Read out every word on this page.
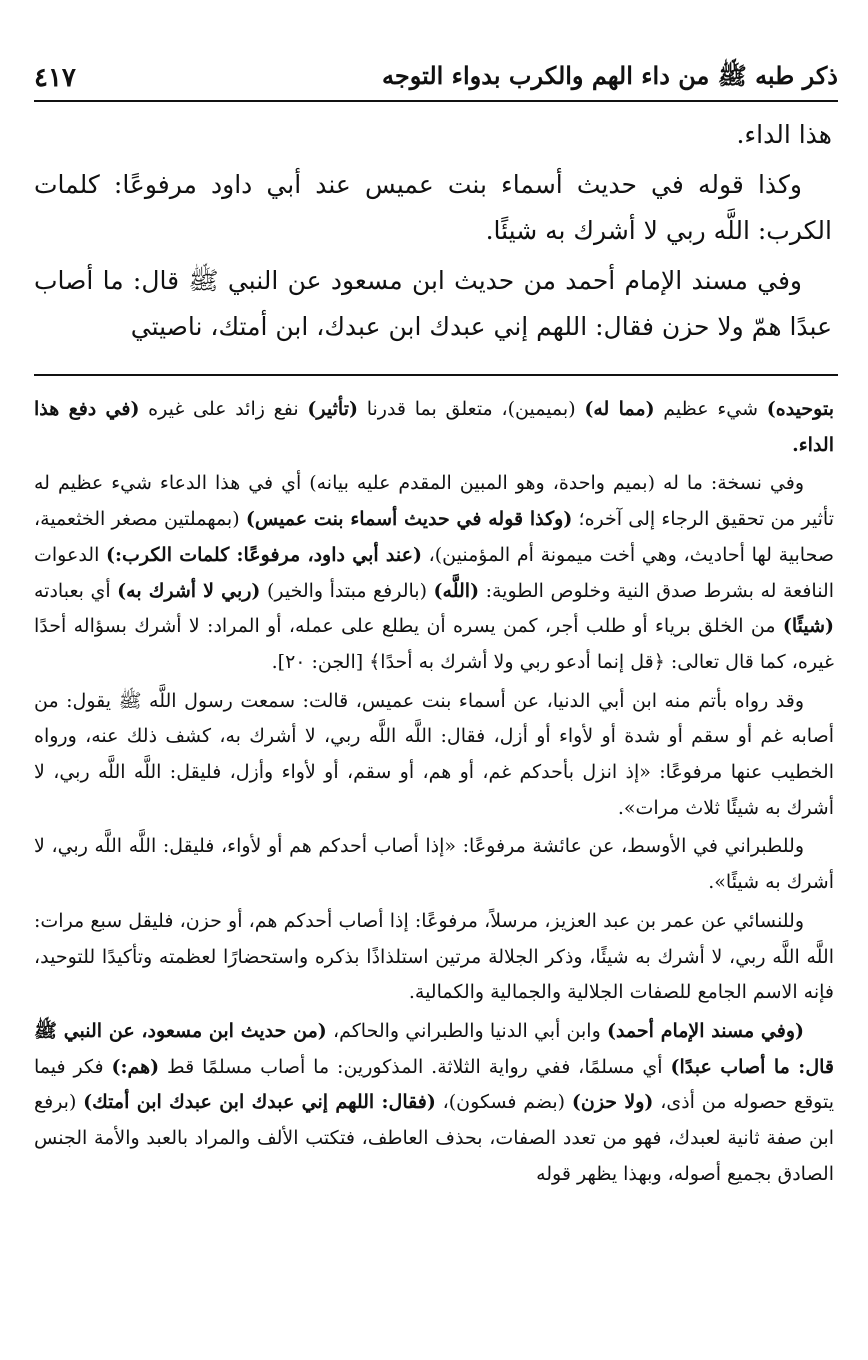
ذكر طبه ﷺ من داء الهم والكرب بدواء التوجه
٤١٧

هذا الداء.

وكذا قوله في حديث أسماء بنت عميس عند أبي داود مرفوعًا: كلمات الكرب: اللَّه ربي لا أشرك به شيئًا.

وفي مسند الإمام أحمد من حديث ابن مسعود عن النبي ﷺ قال: ما أصاب عبدًا همّ ولا حزن فقال: اللهم إني عبدك ابن عبدك، ابن أمتك، ناصيتي

بتوحيده) شيء عظيم (مما له) (بميمين)، متعلق بما قدرنا (تأثير) نفع زائد على غيره (في دفع هذا الداء.

وفي نسخة: ما له (بميم واحدة، وهو المبين المقدم عليه بيانه) أي في هذا الدعاء شيء عظيم له تأثير من تحقيق الرجاء إلى آخره؛ (وكذا قوله في حديث أسماء بنت عميس) (بمهملتين مصغر الخثعمية، صحابية لها أحاديث، وهي أخت ميمونة أم المؤمنين)، (عند أبي داود، مرفوعًا: كلمات الكرب:) الدعوات النافعة له بشرط صدق النية وخلوص الطوية: (اللَّه) (بالرفع مبتدأ والخير) (ربي لا أشرك به) أي بعبادته (شيئًا) من الخلق برياء أو طلب أجر، كمن يسره أن يطلع على عمله، أو المراد: لا أشرك بسؤاله أحدًا غيره، كما قال تعالى: ﴿قل إنما أدعو ربي ولا أشرك به أحدًا﴾ [الجن: ٢٠].

وقد رواه بأتم منه ابن أبي الدنيا، عن أسماء بنت عميس، قالت: سمعت رسول اللَّه ﷺ يقول: من أصابه غم أو سقم أو شدة أو لأواء أو أزل، فقال: اللَّه اللَّه ربي، لا أشرك به، كشف ذلك عنه، ورواه الخطيب عنها مرفوعًا: «إذ انزل بأحدكم غم، أو هم، أو سقم، أو لأواء وأزل، فليقل: اللَّه اللَّه ربي، لا أشرك به شيئًا ثلاث مرات».

وللطبراني في الأوسط، عن عائشة مرفوعًا: «إذا أصاب أحدكم هم أو لأواء، فليقل: اللَّه اللَّه ربي، لا أشرك به شيئًا».

وللنسائي عن عمر بن عبد العزيز، مرسلاً، مرفوعًا: إذا أصاب أحدكم هم، أو حزن، فليقل سبع مرات: اللَّه اللَّه ربي، لا أشرك به شيئًا، وذكر الجلالة مرتين استلذاذًا بذكره واستحضارًا لعظمته وتأكيدًا للتوحيد، فإنه الاسم الجامع للصفات الجلالية والجمالية والكمالية.

(وفي مسند الإمام أحمد) وابن أبي الدنيا والطبراني والحاكم، (من حديث ابن مسعود، عن النبي ﷺ قال: ما أصاب عبدًا) أي مسلمًا، ففي رواية الثلاثة. المذكورين: ما أصاب مسلمًا قط (هم:) فكر فيما يتوقع حصوله من أذى، (ولا حزن) (بضم فسكون)، (فقال: اللهم إني عبدك ابن عبدك ابن أمتك) (برفع ابن صفة ثانية لعبدك، فهو من تعدد الصفات، بحذف العاطف، فتكتب الألف والمراد بالعبد والأمة الجنس الصادق بجميع أصوله، وبهذا يظهر قوله
